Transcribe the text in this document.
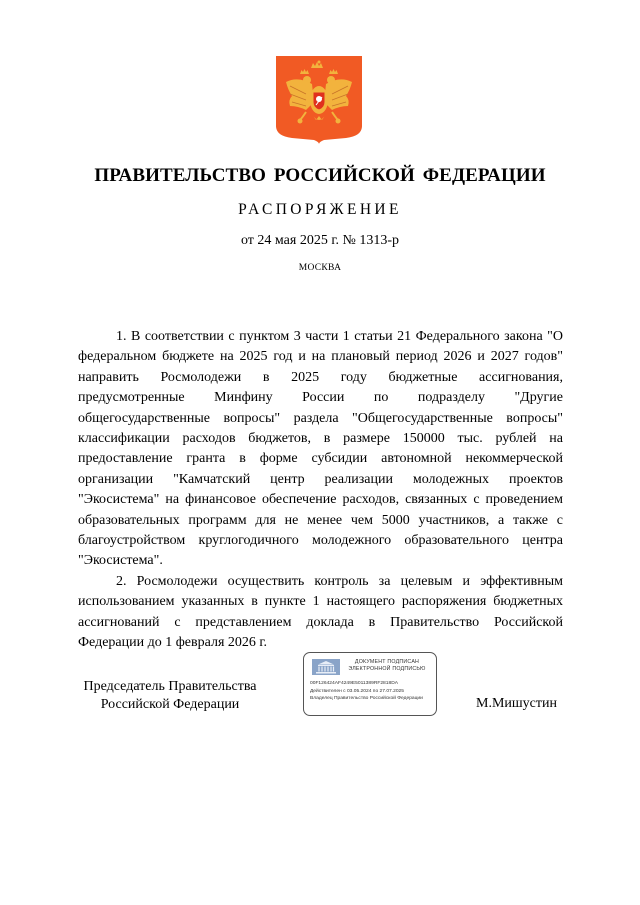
ПРАВИТЕЛЬСТВО РОССИЙСКОЙ ФЕДЕРАЦИИ
РАСПОРЯЖЕНИЕ
от 24 мая 2025 г. № 1313-р
МОСКВА

1. В соответствии с пунктом 3 части 1 статьи 21 Федерального закона "О федеральном бюджете на 2025 год и на плановый период 2026 и 2027 годов" направить Росмолодежи в 2025 году бюджетные ассигнования, предусмотренные Минфину России по подразделу "Другие общегосударственные вопросы" раздела "Общегосударственные вопросы" классификации расходов бюджетов, в размере 150000 тыс. рублей на предоставление гранта в форме субсидии автономной некоммерческой организации "Камчатский центр реализации молодежных проектов "Экосистема" на финансовое обеспечение расходов, связанных с проведением образовательных программ для не менее чем 5000 участников, а также с благоустройством круглогодичного молодежного образовательного центра "Экосистема".

2. Росмолодежи осуществить контроль за целевым и эффективным использованием указанных в пункте 1 настоящего распоряжения бюджетных ассигнований с представлением доклада в Правительство Российской Федерации до 1 февраля 2026 г.

Председатель Правительства
Российской Федерации
ДОКУМЕНТ ПОДПИСАН
ЭЛЕКТРОННОЙ ПОДПИСЬЮ
00F126424AF4249E5011389RF2818DA
Действителен с 03.05.2024 по 27.07.2025
Владелец Правительство Российской Федерации	М.Мишустин
